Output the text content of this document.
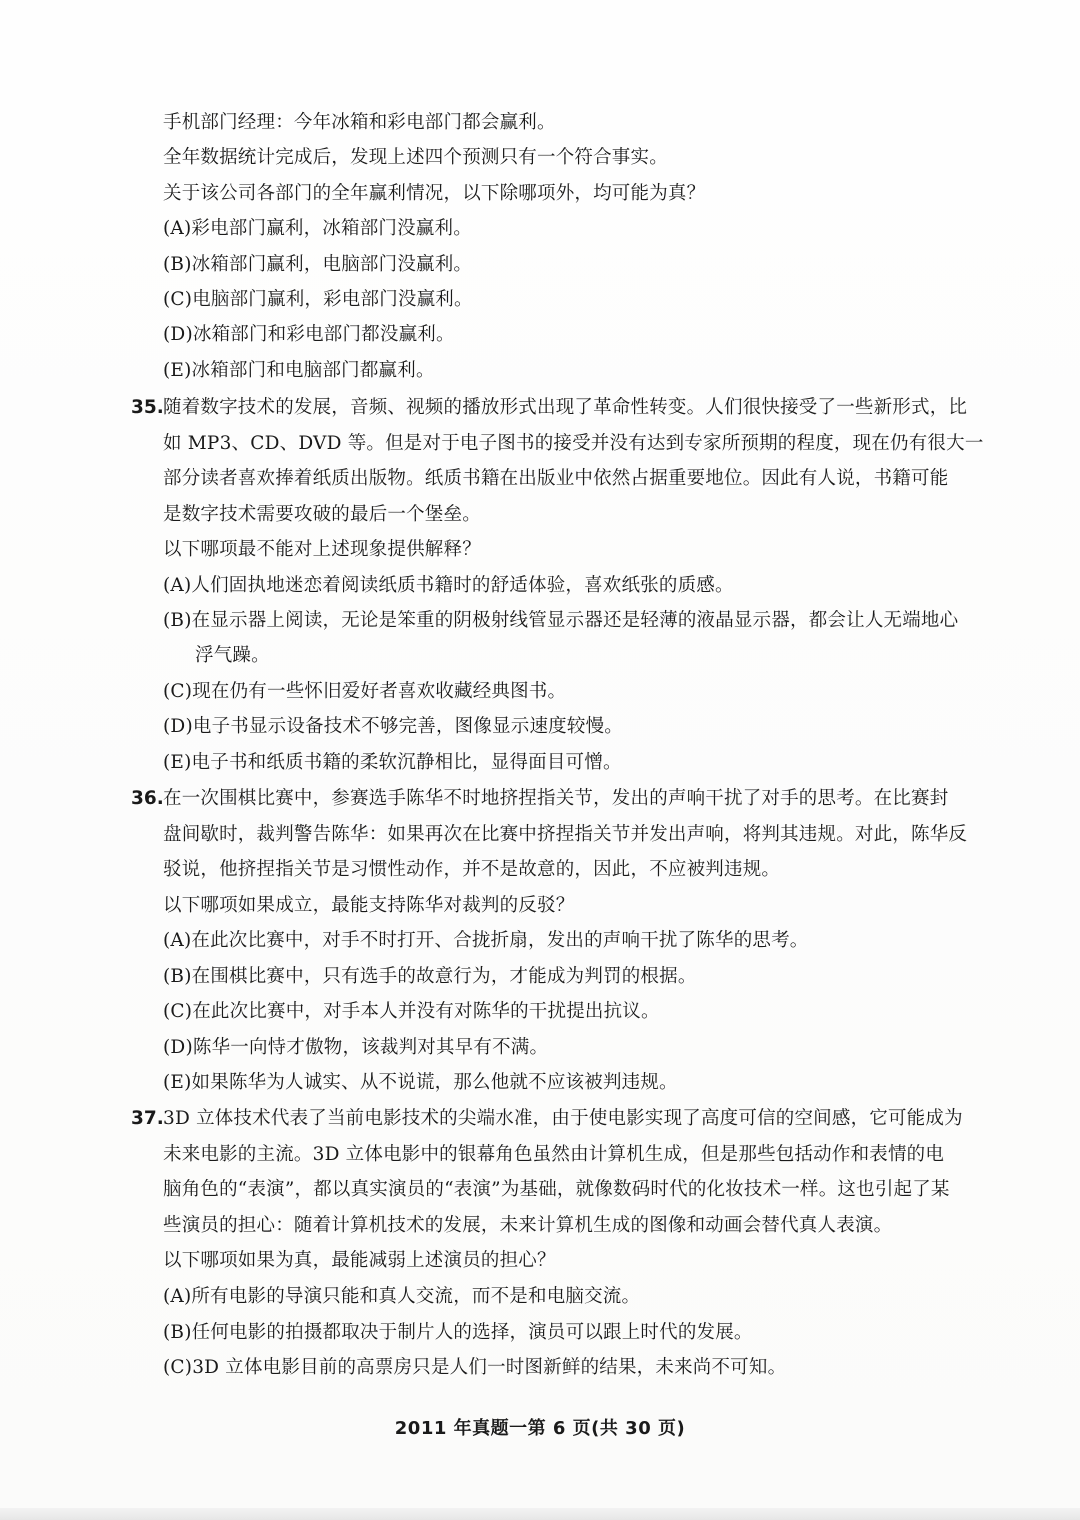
手机部门经理：今年冰箱和彩电部门都会赢利。
全年数据统计完成后，发现上述四个预测只有一个符合事实。
关于该公司各部门的全年赢利情况，以下除哪项外，均可能为真？
(A)彩电部门赢利，冰箱部门没赢利。
(B)冰箱部门赢利，电脑部门没赢利。
(C)电脑部门赢利，彩电部门没赢利。
(D)冰箱部门和彩电部门都没赢利。
(E)冰箱部门和电脑部门都赢利。
35. 随着数字技术的发展，音频、视频的播放形式出现了革命性转变。人们很快接受了一些新形式，比
如 MP3、CD、DVD 等。但是对于电子图书的接受并没有达到专家所预期的程度，现在仍有很大一
部分读者喜欢捧着纸质出版物。纸质书籍在出版业中依然占据重要地位。因此有人说，书籍可能
是数字技术需要攻破的最后一个堡垒。
以下哪项最不能对上述现象提供解释？
(A)人们固执地迷恋着阅读纸质书籍时的舒适体验，喜欢纸张的质感。
(B)在显示器上阅读，无论是笨重的阴极射线管显示器还是轻薄的液晶显示器，都会让人无端地心
浮气躁。
(C)现在仍有一些怀旧爱好者喜欢收藏经典图书。
(D)电子书显示设备技术不够完善，图像显示速度较慢。
(E)电子书和纸质书籍的柔软沉静相比，显得面目可憎。
36. 在一次围棋比赛中，参赛选手陈华不时地挤捏指关节，发出的声响干扰了对手的思考。在比赛封
盘间歇时，裁判警告陈华：如果再次在比赛中挤捏指关节并发出声响，将判其违规。对此，陈华反
驳说，他挤捏指关节是习惯性动作，并不是故意的，因此，不应被判违规。
以下哪项如果成立，最能支持陈华对裁判的反驳？
(A)在此次比赛中，对手不时打开、合拢折扇，发出的声响干扰了陈华的思考。
(B)在围棋比赛中，只有选手的故意行为，才能成为判罚的根据。
(C)在此次比赛中，对手本人并没有对陈华的干扰提出抗议。
(D)陈华一向恃才傲物，该裁判对其早有不满。
(E)如果陈华为人诚实、从不说谎，那么他就不应该被判违规。
37. 3D 立体技术代表了当前电影技术的尖端水准，由于使电影实现了高度可信的空间感，它可能成为
未来电影的主流。3D 立体电影中的银幕角色虽然由计算机生成，但是那些包括动作和表情的电
脑角色的“表演”，都以真实演员的“表演”为基础，就像数码时代的化妆技术一样。这也引起了某
些演员的担心：随着计算机技术的发展，未来计算机生成的图像和动画会替代真人表演。
以下哪项如果为真，最能减弱上述演员的担心？
(A)所有电影的导演只能和真人交流，而不是和电脑交流。
(B)任何电影的拍摄都取决于制片人的选择，演员可以跟上时代的发展。
(C)3D 立体电影目前的高票房只是人们一时图新鲜的结果，未来尚不可知。
2011 年真题一第 6 页(共 30 页)
